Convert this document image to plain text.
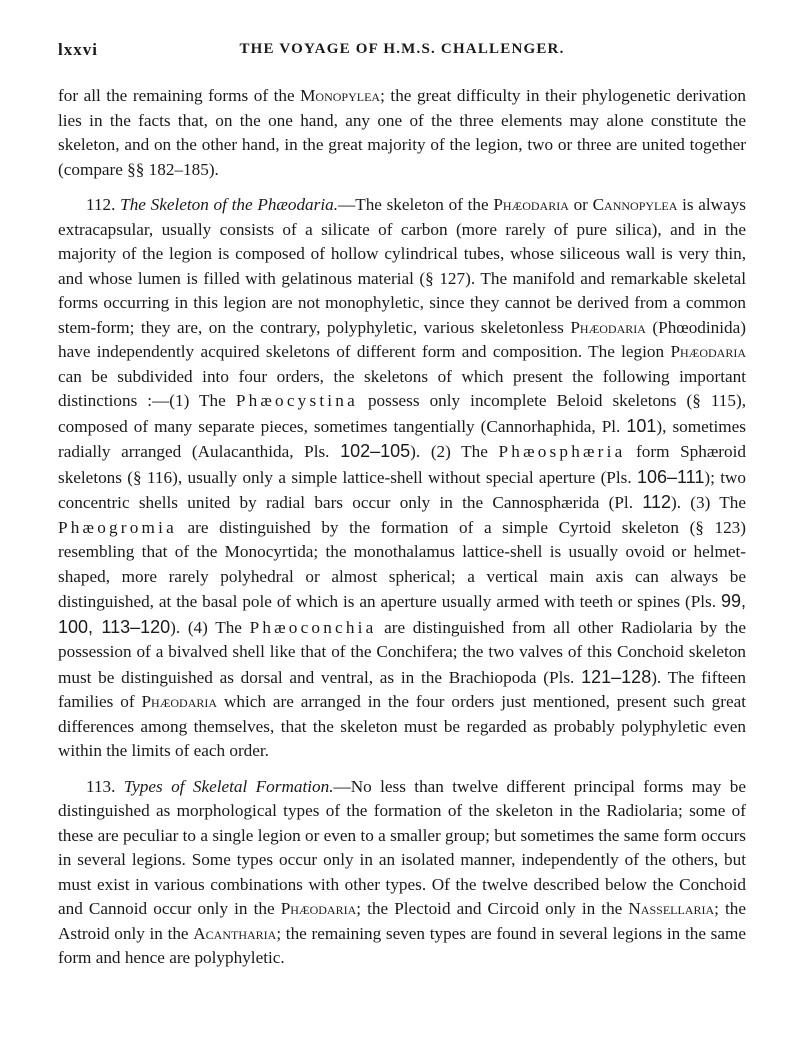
lxxvi	THE VOYAGE OF H.M.S. CHALLENGER.

for all the remaining forms of the Monopylea; the great difficulty in their phylogenetic derivation lies in the facts that, on the one hand, any one of the three elements may alone constitute the skeleton, and on the other hand, in the great majority of the legion, two or three are united together (compare §§ 182–185).

112. The Skeleton of the Phæodaria.—The skeleton of the Phæodaria or Cannopylea is always extracapsular, usually consists of a silicate of carbon (more rarely of pure silica), and in the majority of the legion is composed of hollow cylindrical tubes, whose siliceous wall is very thin, and whose lumen is filled with gelatinous material (§ 127). The manifold and remarkable skeletal forms occurring in this legion are not monophyletic, since they cannot be derived from a common stem-form; they are, on the contrary, polyphyletic, various skeletonless Phæodaria (Phœodinida) have independently acquired skeletons of different form and composition. The legion Phæodaria can be subdivided into four orders, the skeletons of which present the following important distinctions :—(1) The Phæocystina possess only incomplete Beloid skeletons (§ 115), composed of many separate pieces, sometimes tangentially (Cannorhaphida, Pl. 101), sometimes radially arranged (Aulacanthida, Pls. 102–105). (2) The Phæosphæria form Sphæroid skeletons (§ 116), usually only a simple lattice-shell without special aperture (Pls. 106–111); two concentric shells united by radial bars occur only in the Cannosphærida (Pl. 112). (3) The Phæogromia are distinguished by the formation of a simple Cyrtoid skeleton (§ 123) resembling that of the Monocyrtida; the monothalamus lattice-shell is usually ovoid or helmet-shaped, more rarely polyhedral or almost spherical; a vertical main axis can always be distinguished, at the basal pole of which is an aperture usually armed with teeth or spines (Pls. 99, 100, 113–120). (4) The Phæoconchia are distinguished from all other Radiolaria by the possession of a bivalved shell like that of the Conchifera; the two valves of this Conchoid skeleton must be distinguished as dorsal and ventral, as in the Brachiopoda (Pls. 121–128). The fifteen families of Phæodaria which are arranged in the four orders just mentioned, present such great differences among themselves, that the skeleton must be regarded as probably polyphyletic even within the limits of each order.

113. Types of Skeletal Formation.—No less than twelve different principal forms may be distinguished as morphological types of the formation of the skeleton in the Radiolaria; some of these are peculiar to a single legion or even to a smaller group; but sometimes the same form occurs in several legions. Some types occur only in an isolated manner, independently of the others, but must exist in various combinations with other types. Of the twelve described below the Conchoid and Cannoid occur only in the Phæodaria; the Plectoid and Circoid only in the Nassellaria; the Astroid only in the Acantharia; the remaining seven types are found in several legions in the same form and hence are polyphyletic.
